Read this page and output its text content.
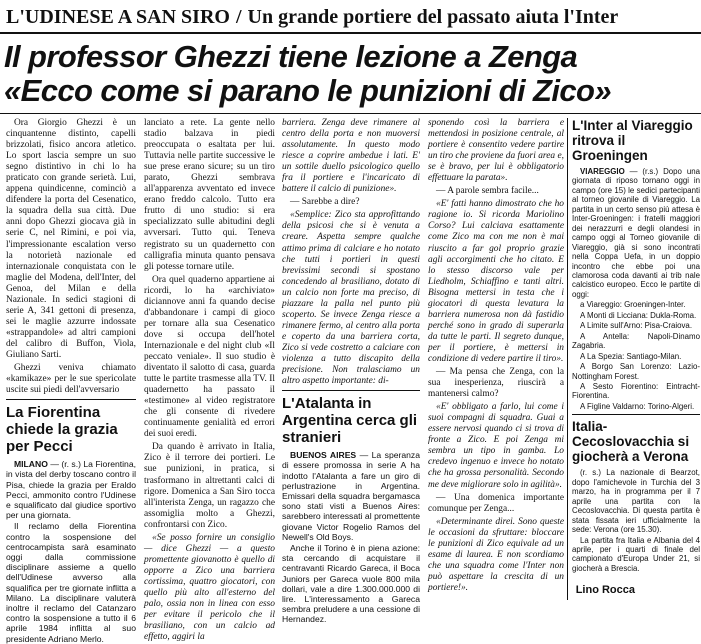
L'UDINESE A SAN SIRO / Un grande portiere del passato aiuta l'Inter
Il professor Ghezzi tiene lezione a Zenga
«Ecco come si parano le punizioni di Zico»

Ora Giorgio Ghezzi è un cinquantenne distinto, capelli brizzolati, fisico ancora atletico. Lo sport lascia sempre un suo segno distintivo in chi lo ha praticato con grande serietà. Lui, appena quindicenne, cominciò a difendere la porta del Cesenatico, la squadra della sua città. Due anni dopo Ghezzi giocava già in serie C, nel Rimini, e poi via, l'impressionante escalation verso la notorietà nazionale ed internazionale conquistata con le maglie del Modena, dell'Inter, del Genoa, del Milan e della Nazionale. In sedici stagioni di serie A, 341 gettoni di presenza, sei le maglie azzurre indossate «strappandole» ad altri campioni del calibro di Buffon, Viola, Giuliano Sarti.

Ghezzi veniva chiamato «kamikaze» per le sue spericolate uscite sui piedi dell'avversario

La Fiorentina chiede la grazia per Pecci

MILANO — (r. s.) La Fiorentina, in vista del derby toscano contro il Pisa, chiede la grazia per Eraldo Pecci, ammonito contro l'Udinese e squalificato dal giudice sportivo per una giornata.

Il reclamo della Fiorentina contro la sospensione del centrocampista sarà esaminato oggi dalla commissione disciplinare assieme a quello dell'Udinese avverso alla squalifica per tre giornate inflitta a Milano. La disciplinare valuterà inoltre il reclamo del Catanzaro contro la sospensione a tutto il 6 aprile 1984 inflitta al suo presidente Adriano Merlo.

lanciato a rete. La gente nello stadio balzava in piedi preoccupata o esaltata per lui. Tuttavia nelle partite successive le sue prese erano sicure; su un tiro parato, Ghezzi sembrava all'apparenza avventato ed invece erano freddo calcolo. Tutto era frutto di uno studio: si era specializzato sulle abitudini degli avversari. Tutto qui. Teneva registrato su un quadernetto con calligrafia minuta quanto pensava gli potesse tornare utile.

Ora quel quaderno appartiene ai ricordi, lo ha «archiviato» diciannove anni fa quando decise d'abbandonare i campi di gioco per tornare alla sua Cesenatico dove si occupa dell'hotel Internazionale e del night club «Il peccato veniale». Il suo studio è diventato il salotto di casa, guarda tutte le partite trasmesse alla TV. Il quadernetto ha passato il «testimone» al video registratore che gli consente di rivedere continuamente genialità ed errori dei suoi eredi.

Da quando è arrivato in Italia, Zico è il terrore dei portieri. Le sue punizioni, in pratica, si trasformano in altrettanti calci di rigore. Domenica a San Siro tocca all'interista Zenga, un ragazzo che assomiglia molto a Ghezzi, confrontarsi con Zico.

«Se posso fornire un consiglio — dice Ghezzi — a questo promettente giovanotto è quello di opporre a Zico una barriera cortissima, quattro giocatori, con quello più alto all'esterno del palo, ossia non in linea con esso per evitare il pericolo che il brasiliano, con un calcio ad effetto, aggiri la

barriera. Zenga deve rimanere al centro della porta e non muoversi assolutamente. In questo modo riesce a coprire ambedue i lati. E' un sottile duello psicologico quello fra il portiere e l'incaricato di battere il calcio di punizione».

— Sarebbe a dire?

«Semplice: Zico sta approfittando della psicosi che si è venuta a creare. Aspetta sempre qualche attimo prima di calciare e ho notato che tutti i portieri in questi brevissimi secondi si spostano concedendo al brasiliano, dotato di un calcio non forte ma preciso, di piazzare la palla nel punto più scoperto. Se invece Zenga riesce a rimanere fermo, al centro alla porta e coperto da una barriera corta, Zico si vede costretto a calciare con violenza a tutto discapito della precisione. Non tralasciamo un altro aspetto importante: di-

L'Atalanta in Argentina cerca gli stranieri

BUENOS AIRES — La speranza di essere promossa in serie A ha indotto l'Atalanta a fare un giro di perlustrazione in Argentina. Emissari della squadra bergamasca sono stati visti a Buenos Aires: sarebbero interessati al promettente giovane Victor Rogelio Ramos del Newell's Old Boys.

Anche il Torino è in piena azione: sta cercando di acquistare il centravanti Ricardo Gareca, il Boca Juniors per Gareca vuole 800 mila dollari, vale a dire 1.300.000.000 di lire. L'interessamento a Gareca sembra preludere a una cessione di Hernandez.

sponendo così la barriera e mettendosi in posizione centrale, al portiere è consentito vedere partire un tiro che proviene da fuori area e, se è bravo, per lui è obbligatorio effettuare la parata».

— A parole sembra facile...

«E' fatti hanno dimostrato che ho ragione io. Si ricorda Mariolino Corso? Lui calciava esattamente come Zico ma con me non è mai riuscito a far gol proprio grazie agli accorgimenti che ho citato. E lo stesso discorso vale per Liedholm, Schiaffino e tanti altri. Bisogna mettersi in testa che i giocatori di questa levatura la barriera numerosa non dà fastidio perché sono in grado di superarla da tutte le parti. Il segreto dunque, per il portiere, è mettersi in condizione di vedere partire il tiro».

— Ma pensa che Zenga, con la sua inesperienza, riuscirà a mantenersi calmo?

«E' obbligato a farlo, lui come i suoi compagni di squadra. Guai a essere nervosi quando ci si trova di fronte a Zico. E poi Zenga mi sembra un tipo in gamba. Lo credevo ingenuo e invece ho notato che ha grossa personalità. Secondo me deve migliorare solo in agilità».

— Una domenica importante comunque per Zenga...

«Determinante direi. Sono queste le occasioni da sfruttare: bloccare le punizioni di Zico equivale ad un esame di laurea. E non scordiamo che una squadra come l'Inter non può aspettare la crescita di un portiere!».	Lino Rocca
L'Inter al Viareggio ritrova il Groeningen

VIAREGGIO — (r.s.) Dopo una giornata di riposo tornano oggi in campo (ore 15) le sedici partecipanti al torneo giovanile di Viareggio. La partita in un certo senso più attesa è Inter-Groeningen: i fratelli maggiori dei nerazzurri e degli olandesi in campo oggi al Torneo giovanile di Viareggio, già si sono incontrati nella Coppa Uefa, in un doppio incontro che ebbe poi una clamorosa coda davanti ai trib nale calcistico europeo. Ecco le partite di oggi:

a Viareggio: Groeningen-Inter.

A Monti di Licciana: Dukla-Roma.

A Limite sull'Arno: Pisa-Craiova.

A Antella: Napoli-Dinamo Zagabria.

A La Spezia: Santiago-Milan.

A Borgo San Lorenzo: Lazio-Nottingham Forest.

A Sesto Fiorentino: Eintracht-Fiorentina.

A Figline Valdarno: Torino-Algeri.

Italia-Cecoslovacchia si giocherà a Verona

(r. s.) La nazionale di Bearzot, dopo l'amichevole in Turchia del 3 marzo, ha in programma per il 7 aprile una partita con la Cecoslovacchia. Di questa partita è stata fissata ieri ufficialmente la sede: Verona (ore 15.30).

La partita fra Italia e Albania del 4 aprile, per i quarti di finale del campionato d'Europa Under 21, si giocherà a Brescia.
